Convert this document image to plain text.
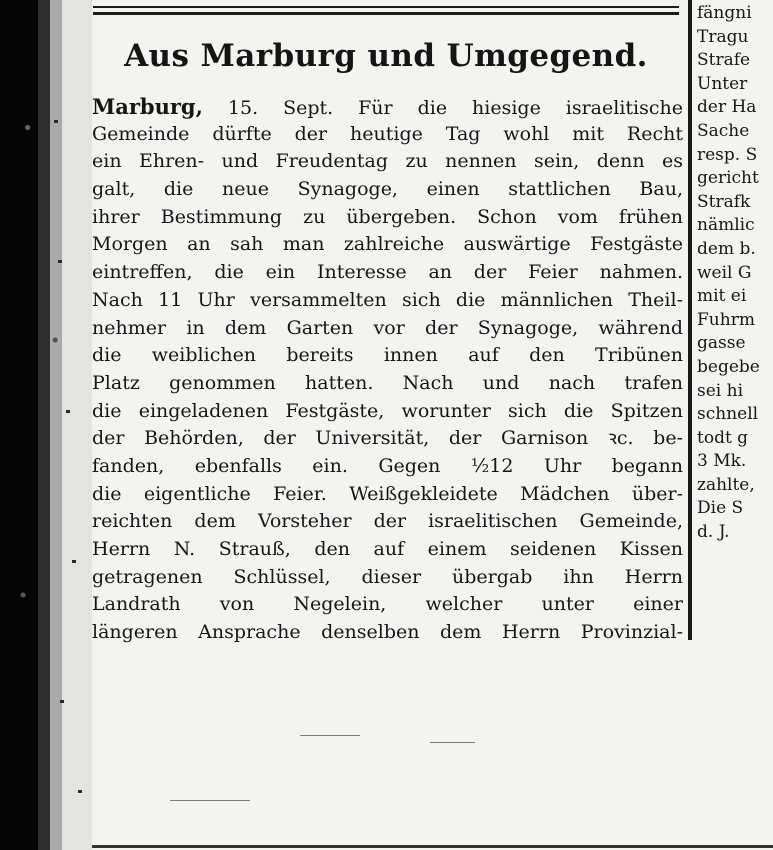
Aus Marburg und Umgegend.
Marburg, 15. Sept. Für die hiesige israelitische
Gemeinde dürfte der heutige Tag wohl mit Recht
ein Ehren- und Freudentag zu nennen sein, denn es
galt, die neue Synagoge, einen stattlichen Bau,
ihrer Bestimmung zu übergeben. Schon vom frühen
Morgen an sah man zahlreiche auswärtige Festgäste
eintreffen, die ein Interesse an der Feier nahmen.
Nach 11 Uhr versammelten sich die männlichen Theil-
nehmer in dem Garten vor der Synagoge, während
die weiblichen bereits innen auf den Tribünen
Platz genommen hatten. Nach und nach trafen
die eingeladenen Festgäste, worunter sich die Spitzen
der Behörden, der Universität, der Garnison ꝛc. be-
fanden, ebenfalls ein. Gegen ½12 Uhr begann
die eigentliche Feier. Weißgekleidete Mädchen über-
reichten dem Vorsteher der israelitischen Gemeinde,
Herrn N. Strauß, den auf einem seidenen Kissen
getragenen Schlüssel, dieser übergab ihn Herrn
Landrath von Negelein, welcher unter einer
längeren Ansprache denselben dem Herrn Provinzial-
fängni
Tragu
Strafe
Unter
der Ha
Sache
resp. S
gericht
Strafk
nämlic
dem b.
weil G
mit ei
Fuhrm
gasse
begebe
sei hi
schnell
todt g
3 Mk.
zahlte,
Die S
d. J.
